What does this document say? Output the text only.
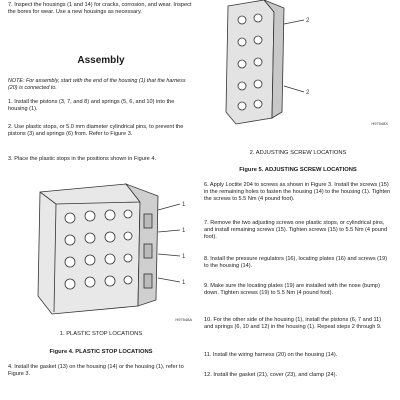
7. Inspect the housings (1 and 14) for cracks, corrosion, and wear. Inspect the bores for wear. Use a new housings as necessary.

Assembly

NOTE: For assembly, start with the end of the housing (1) that the harness (20) is connected to.

1. Install the pistons (3, 7, and 8) and springs (5, 6, and 10) into the housing (1).

2. Use plastic stops, or 5.0 mm diameter cylindrical pins, to prevent the pistons (3) and springs (6) from. Refer to Figure 3.

3. Place the plastic stops in the positions shown in Figure 4.

1
1
1
1
H97548A

1. PLASTIC STOP LOCATIONS

Figure 4. PLASTIC STOP LOCATIONS

4. Install the gasket (13) on the housing (14) or the housing (1), refer to Figure 3.

2
2
H97548X

2. ADJUSTING SCREW LOCATIONS

Figure 5. ADJUSTING SCREW LOCATIONS

6. Apply Loctite 204 to screws as shown in Figure 3. Install the screws (15) in the remaining holes to fasten the housing (14) to the housing (1). Tighten the screws to 5.5 Nm (4 pound foot).

7. Remove the two adjusting screws one plastic stops, or cylindrical pins, and install remaining screws (15). Tighten screws (15) to 5.5 Nm (4 pound foot).

8. Install the pressure regulators (16), locating plates (16) and screws (19) to the housing (14).

9. Make sure the locating plates (19) are installed with the nose (bump) down. Tighten screws (19) to 5.5 Nm (4 pound foot).

10. For the other side of the housing (1), install the pistons (6, 7 and 11) and springs (6, 10 and 12) in the housing (1). Repeat steps 2 through 9.

11. Install the wiring harness (20) on the housing (14).

12. Install the gasket (21), cover (23), and clamp (24).
